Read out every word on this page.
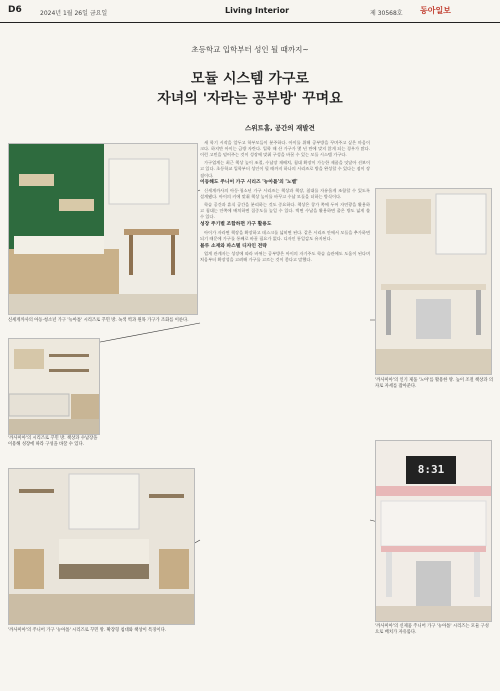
D6	2024년 1월 26일 금요일	Living Interior	제 30568호 동아일보
초등학교 입학부터 성인 될 때까지~
모듈 시스템 가구로
자녀의 '자라는 공부방' 꾸며요
스위트홈, 공간의 재발견

새 학기 시작을 앞두고 학부모들이 분주하다. 아이를 위해 공부방을 꾸며주고 싶은 마음이 크다. 하지만 아이는 금방 자란다. 입학 때 산 가구가 몇 년 만에 맞지 않게 되는 경우가 많다. 이런 고민을 덜어주는 것이 성장에 맞춰 구성을 바꿀 수 있는 모듈 시스템 가구다.

가구업계는 최근 책상 높이 조절, 수납장 재배치, 침대 확장이 가능한 제품을 잇달아 선보이고 있다. 초등학교 입학부터 성인이 될 때까지 하나의 시리즈로 방을 완성할 수 있다는 점이 장점이다.

이동해도 주니어 가구 시리즈 '뉴아틀'의 '노밸'

신세계까사의 아동·청소년 가구 시리즈는 책상과 책장, 침대를 자유롭게 조합할 수 있도록 설계됐다. 아이의 키에 맞춰 책상 높이를 바꾸고 수납 모듈을 더하는 방식이다.

학습 공간과 휴식 공간을 분리하는 것도 중요하다. 책상은 창가 쪽에 두어 자연광을 활용하고 침대는 안쪽에 배치하면 집중도를 높일 수 있다. 벽면 수납을 활용하면 좁은 방도 넓게 쓸 수 있다.

성장 주기별 조합하면 가구 활용도

아이가 자라면 책장을 확장하고 데스크를 넓히면 된다. 같은 시리즈 안에서 모듈을 추가하면 되기 때문에 가구를 통째로 바꿀 필요가 없다. 디자인 통일감도 유지된다.

블루 소재와 파스텔 디자인 전략

업계 관계자는 성장에 따라 바뀌는 공부방은 아이의 자기주도 학습 습관에도 도움이 된다며 처음부터 확장성을 고려해 가구를 고르는 것이 좋다고 말했다.

신세계까사의 아동·청소년 가구 '뉴아틀' 시리즈로 꾸민 방. 녹색 벽과 원목 가구가 조화를 이룬다.
'까사미아'의 시리즈로 꾸민 방. 책상과 수납장을 이용해 성장에 따라 구성을 바꿀 수 있다.
'까사미아'의 주니어 가구 '뉴아틀' 시리즈로 꾸민 방. 확장형 침대와 책상이 특징이다.
'까사미아'의 인기 제품 '노아'를 활용한 방. 높이 조절 책상과 의자로 자세를 잡아준다.
8:31
'까사미아'의 신제품 주니어 가구 '뉴아틀' 시리즈는 모듈 구성으로 배치가 자유롭다.
